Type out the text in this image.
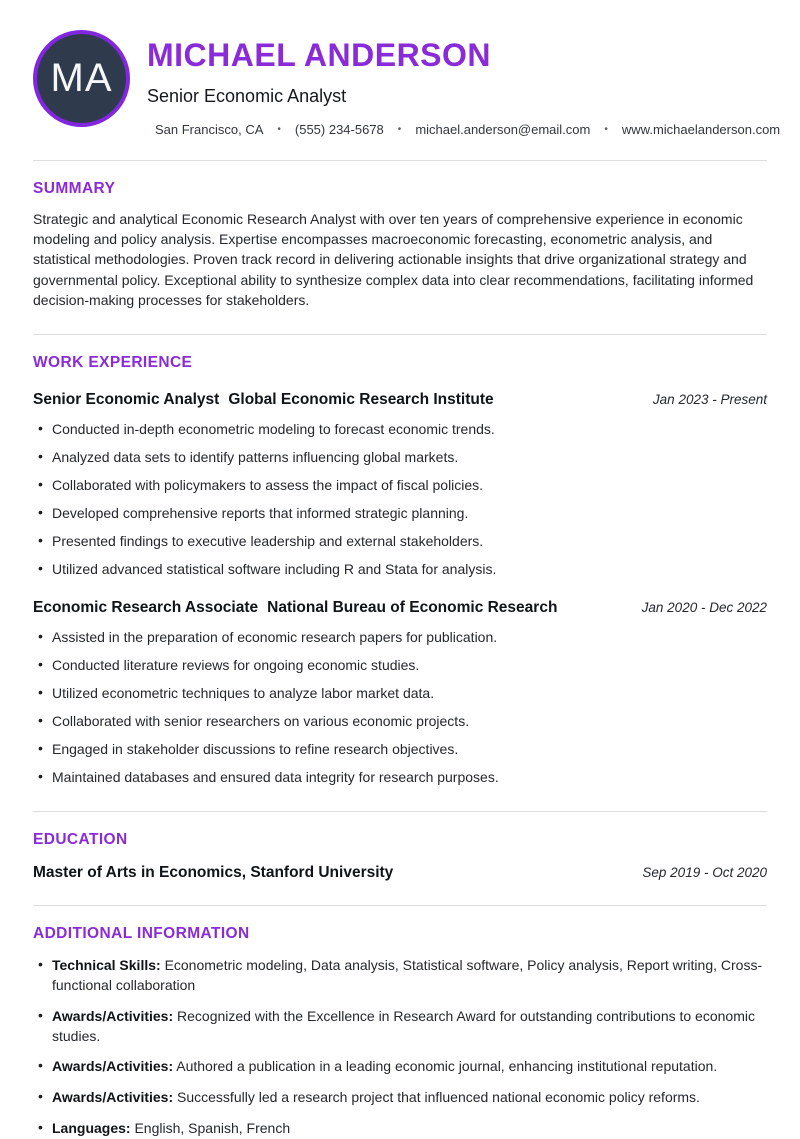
MA
MICHAEL ANDERSON
Senior Economic Analyst
San Francisco, CA • (555) 234-5678 • michael.anderson@email.com • www.michaelanderson.com
SUMMARY

Strategic and analytical Economic Research Analyst with over ten years of comprehensive experience in economic modeling and policy analysis. Expertise encompasses macroeconomic forecasting, econometric analysis, and statistical methodologies. Proven track record in delivering actionable insights that drive organizational strategy and governmental policy. Exceptional ability to synthesize complex data into clear recommendations, facilitating informed decision-making processes for stakeholders.

WORK EXPERIENCE
Senior Economic Analyst Global Economic Research Institute	Jan 2023 - Present
• Conducted in-depth econometric modeling to forecast economic trends.
• Analyzed data sets to identify patterns influencing global markets.
• Collaborated with policymakers to assess the impact of fiscal policies.
• Developed comprehensive reports that informed strategic planning.
• Presented findings to executive leadership and external stakeholders.
• Utilized advanced statistical software including R and Stata for analysis.
Economic Research Associate National Bureau of Economic Research	Jan 2020 - Dec 2022
• Assisted in the preparation of economic research papers for publication.
• Conducted literature reviews for ongoing economic studies.
• Utilized econometric techniques to analyze labor market data.
• Collaborated with senior researchers on various economic projects.
• Engaged in stakeholder discussions to refine research objectives.
• Maintained databases and ensured data integrity for research purposes.
EDUCATION
Master of Arts in Economics, Stanford University	Sep 2019 - Oct 2020
ADDITIONAL INFORMATION
• Technical Skills: Econometric modeling, Data analysis, Statistical software, Policy analysis, Report writing, Cross-functional collaboration
• Awards/Activities: Recognized with the Excellence in Research Award for outstanding contributions to economic studies.
• Awards/Activities: Authored a publication in a leading economic journal, enhancing institutional reputation.
• Awards/Activities: Successfully led a research project that influenced national economic policy reforms.
• Languages: English, Spanish, French
